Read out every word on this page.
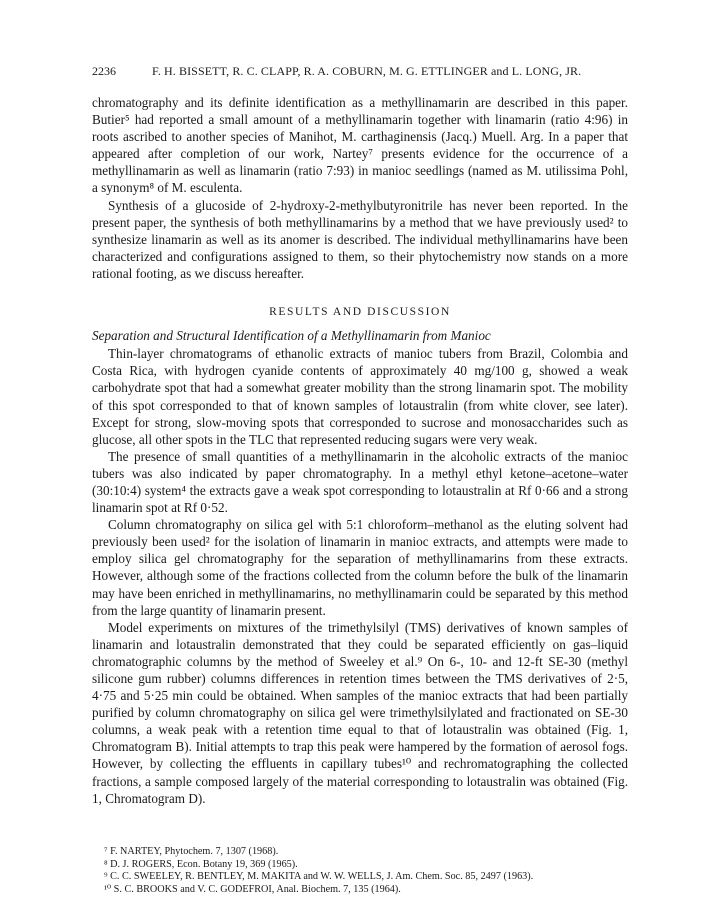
2236	F. H. BISSETT, R. C. CLAPP, R. A. COBURN, M. G. ETTLINGER and L. LONG, JR.

chromatography and its definite identification as a methyllinamarin are described in this paper. Butier⁵ had reported a small amount of a methyllinamarin together with linamarin (ratio 4:96) in roots ascribed to another species of Manihot, M. carthaginensis (Jacq.) Muell. Arg. In a paper that appeared after completion of our work, Nartey⁷ presents evidence for the occurrence of a methyllinamarin as well as linamarin (ratio 7:93) in manioc seedlings (named as M. utilissima Pohl, a synonym⁸ of M. esculenta.

Synthesis of a glucoside of 2-hydroxy-2-methylbutyronitrile has never been reported. In the present paper, the synthesis of both methyllinamarins by a method that we have previously used² to synthesize linamarin as well as its anomer is described. The individual methyllinamarins have been characterized and configurations assigned to them, so their phytochemistry now stands on a more rational footing, as we discuss hereafter.

RESULTS AND DISCUSSION

Separation and Structural Identification of a Methyllinamarin from Manioc

Thin-layer chromatograms of ethanolic extracts of manioc tubers from Brazil, Colombia and Costa Rica, with hydrogen cyanide contents of approximately 40 mg/100 g, showed a weak carbohydrate spot that had a somewhat greater mobility than the strong linamarin spot. The mobility of this spot corresponded to that of known samples of lotaustralin (from white clover, see later). Except for strong, slow-moving spots that corresponded to sucrose and monosaccharides such as glucose, all other spots in the TLC that represented reducing sugars were very weak.

The presence of small quantities of a methyllinamarin in the alcoholic extracts of the manioc tubers was also indicated by paper chromatography. In a methyl ethyl ketone–acetone–water (30:10:4) system⁴ the extracts gave a weak spot corresponding to lotaustralin at Rf 0·66 and a strong linamarin spot at Rf 0·52.

Column chromatography on silica gel with 5:1 chloroform–methanol as the eluting solvent had previously been used² for the isolation of linamarin in manioc extracts, and attempts were made to employ silica gel chromatography for the separation of methyllinamarins from these extracts. However, although some of the fractions collected from the column before the bulk of the linamarin may have been enriched in methyllinamarins, no methyllinamarin could be separated by this method from the large quantity of linamarin present.

Model experiments on mixtures of the trimethylsilyl (TMS) derivatives of known samples of linamarin and lotaustralin demonstrated that they could be separated efficiently on gas–liquid chromatographic columns by the method of Sweeley et al.⁹ On 6-, 10- and 12-ft SE-30 (methyl silicone gum rubber) columns differences in retention times between the TMS derivatives of 2·5, 4·75 and 5·25 min could be obtained. When samples of the manioc extracts that had been partially purified by column chromatography on silica gel were trimethylsilylated and fractionated on SE-30 columns, a weak peak with a retention time equal to that of lotaustralin was obtained (Fig. 1, Chromatogram B). Initial attempts to trap this peak were hampered by the formation of aerosol fogs. However, by collecting the effluents in capillary tubes¹⁰ and rechromatographing the collected fractions, a sample composed largely of the material corresponding to lotaustralin was obtained (Fig. 1, Chromatogram D).

⁷ F. NARTEY, Phytochem. 7, 1307 (1968).
⁸ D. J. ROGERS, Econ. Botany 19, 369 (1965).
⁹ C. C. SWEELEY, R. BENTLEY, M. MAKITA and W. W. WELLS, J. Am. Chem. Soc. 85, 2497 (1963).
¹⁰ S. C. BROOKS and V. C. GODEFROI, Anal. Biochem. 7, 135 (1964).
